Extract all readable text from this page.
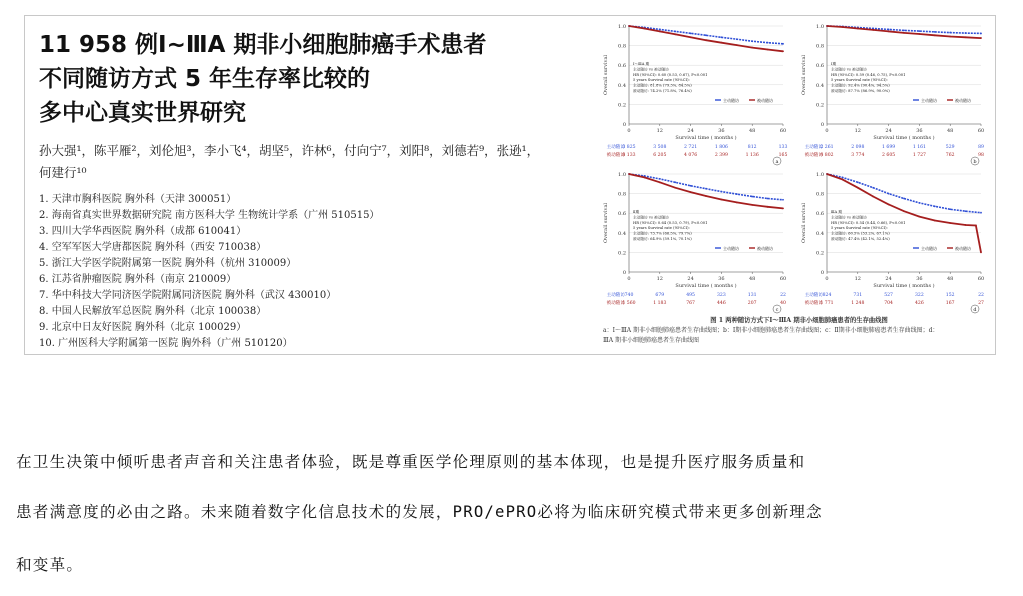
11 958 例Ⅰ~ⅢA 期非小细胞肺癌手术患者
不同随访方式 5 年生存率比较的
多中心真实世界研究
孙大强¹，陈平雁²，刘伦旭³，李小飞⁴，胡坚⁵，许林⁶，付向宁⁷，刘阳⁸，刘德若⁹，张逊¹，
何建行¹⁰
1. 天津市胸科医院 胸外科（天津 300051）
2. 海南省真实世界数据研究院 南方医科大学 生物统计学系（广州 510515）
3. 四川大学华西医院 胸外科（成都 610041）
4. 空军军医大学唐都医院 胸外科（西安 710038）
5. 浙江大学医学院附属第一医院 胸外科（杭州 310009）
6. 江苏省肿瘤医院 胸外科（南京 210009）
7. 华中科技大学同济医学院附属同济医院 胸外科（武汉 430010）
8. 中国人民解放军总医院 胸外科（北京 100038）
9. 北京中日友好医院 胸外科（北京 100029）
10. 广州医科大学附属第一医院 胸外科（广州 510120）
0
0.2
0.4
0.6
0.8
1.0
0	12	24	36	48	60
Survival time ( months )
Overall survival	Ⅰ～ⅢA 期
主动随访 vs 被动随访
HR (95%CI): 0.60 (0.53, 0.67), P<0.001
5 years Survival rate (95%CI):
主动随访: 81.8% (79.3%, 84.5%)
被动随访: 74.2% (71.8%, 76.4%)
主动随访	被动随访
主动随访
3 825	3 508	2 721	1 806	812	133
被动随访
8 133	6 205	4 076	2 399	1 136	165
a
0
0.2
0.4
0.6
0.8
1.0
0	12	24	36	48	60
Survival time ( months )
Overall survival	Ⅰ期
主动随访 vs 被动随访
HR (95%CI): 0.59 (0.46, 0.75), P<0.001
5 years Survival rate (95%CI):
主动随访: 92.4% (90.4%, 94.5%)
被动随访: 87.7% (86.9%, 90.0%)
主动随访	被动随访
主动随访
2 261	2 098	1 699	1 161	529	89
被动随访
4 802	3 774	2 605	1 727	762	98
b
0
0.2
0.4
0.6
0.8
1.0
0	12	24	36	48	60
Survival time ( months )
Overall survival	Ⅱ期
主动随访 vs 被动随访
HR (95%CI): 0.64 (0.53, 0.79), P<0.001
5 years Survival rate (95%CI):
主动随访: 73.7% (66.5%, 79.7%)
被动随访: 64.9% (59.1%, 70.1%)
主动随访	被动随访
主动随访 740	679	495	323	131	22
被动随访
1 560	1 183	767	446	207	40
c
0
0.2
0.4
0.6
0.8
1.0
0	12	24	36	48	60
Survival time ( months )
Overall survival	ⅢA 期
主动随访 vs 被动随访
HR (95%CI): 0.54 (0.44, 0.66), P<0.001
5 years Survival rate (95%CI):
主动随访: 60.5% (53.2%, 67.1%)
被动随访: 47.4% (42.1%, 52.4%)
主动随访	被动随访
主动随访 824	731	527	322	152	22
被动随访
1 771	1 248	704	426	167	27
d
图 1 两种随访方式下Ⅰ～ⅢA 期非小细胞肺癌患者的生存曲线图
a：Ⅰ～ⅢA 期非小细胞肺癌患者生存曲线图；b：Ⅰ期非小细胞肺癌患者生存曲线图；c：Ⅱ期非小细胞肺癌患者生存曲线图；d：
ⅢA 期非小细胞肺癌患者生存曲线图
在卫生决策中倾听患者声音和关注患者体验，既是尊重医学伦理原则的基本体现，也是提升医疗服务质量和
患者满意度的必由之路。未来随着数字化信息技术的发展，PRO/ePRO必将为临床研究模式带来更多创新理念
和变革。
